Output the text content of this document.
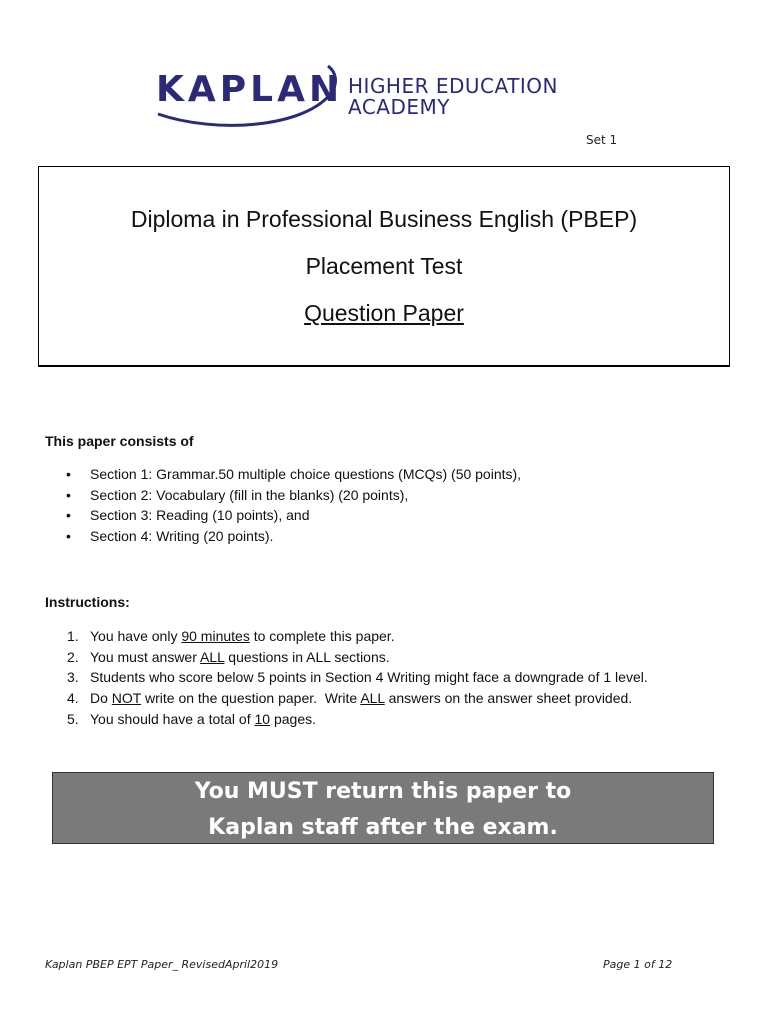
KAPLAN HIGHER EDUCATION
ACADEMY
Set 1
Diploma in Professional Business English (PBEP)
Placement Test
Question Paper
This paper consists of
• Section 1: Grammar.50 multiple choice questions (MCQs) (50 points),
• Section 2: Vocabulary (fill in the blanks) (20 points),
• Section 3: Reading (10 points), and
• Section 4: Writing (20 points).
Instructions:
1. You have only 90 minutes to complete this paper.
2. You must answer ALL questions in ALL sections.
3. Students who score below 5 points in Section 4 Writing might face a downgrade of 1 level.
4. Do NOT write on the question paper.  Write ALL answers on the answer sheet provided.
5. You should have a total of 10 pages.
You MUST return this paper to
Kaplan staff after the exam.
Kaplan PBEP EPT Paper_ RevisedApril2019	Page 1 of 12
